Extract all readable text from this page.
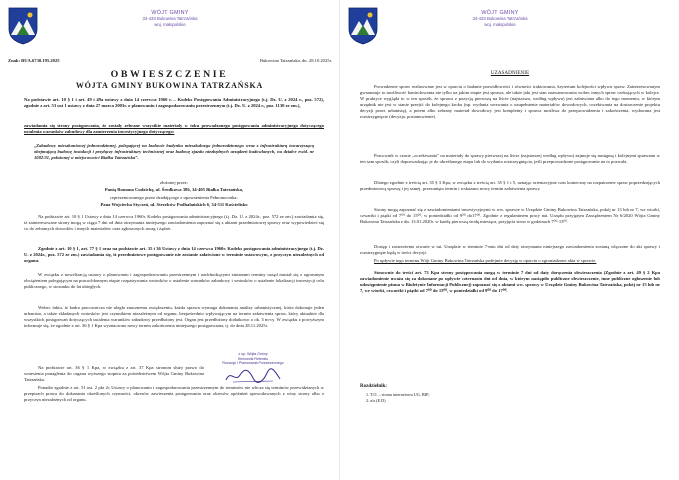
WÓJT GMINY
34-433 Bukowina Tatrzańska
woj. małopolskie
Znak: BUA.6730.195.2025	Bukowina Tatrzańska, dn. 28.10.2025r.
OBWIESZCZENIE
WÓJTA GMINY BUKOWINA TATRZAŃSKA
Na podstawie art. 10 § 1 i art. 49 i 49a ustawy z dnia 14 czerwca 1960 r. – Kodeks Postępowania Administracyjnego (t.j. Dz. U. z 2024 r., poz. 572), zgodnie z art. 53 ust 1 ustawy z dnia 27 marca 2003r. o planowaniu i zagospodarowaniu przestrzennym (t.j. Dz. U. z 2024 r., poz. 1130 ze zm.),
zawiadamia się strony postępowania, że zostały zebrane wszystkie materiały w toku prowadzonego postępowania administracyjnego dotyczącego ustalenia warunków zabudowy dla zamierzenia inwestycyjnego dotyczącego:
„Zabudowy mieszkaniowej jednorodzinnej, polegającej na budowie budynku mieszkalnego jednorodzinnego wraz z infrastrukturą towarzyszącą obejmującą budowę instalacji i przyłączy infrastruktury technicznej oraz budowę zjazdu niezbędnych urządzeń budowlanych, na działce ewid. nr 1082/31, położonej w miejscowości Białka Tatrzańska”.
złożonej przez:
Panią Romana Cudzichę, ul. Środkowa 386, 34-405 Białka Tatrzańska,
reprezentowanego przez działającego z upoważnienia Pełnomocnika:
Pana Wojciecha Styczeń, ul. Strzelców Podhalańskich 6, 34-511 Kościelisko
Na podstawie art. 10 § 1 Ustawy z dnia 14 czerwca 1960r. Kodeks postępowania administracyjnego (t.j. Dz. U. z 2024r., poz. 572 ze zm.) zawiadamia się, iż zainteresowane strony mogą w ciągu 7 dni od dnia otrzymania niniejszego zawiadomienia zapoznać się z aktami przedmiotowej sprawy oraz wypowiedzieć się co do zebranych dowodów i innych materiałów oraz zgłoszonych uwag i żądań.
Zgodnie z art. 10 § 1, art. 77 § 1 oraz na podstawie art. 35 i 36 Ustawy z dnia 14 czerwca 1960r. Kodeks postępowania administracyjnego (t.j. Dz. U. z 2024r., poz. 572 ze zm.) zawiadamia się, iż przedmiotowe postępowanie nie zostanie załatwione w terminie ustawowym, z przyczyn niezależnych od organu.
W związku z nowelizacją ustawy o planowaniu i zagospodarowaniu przestrzennym i nadchodzącymi zmianami terminy urząd musiał się z ogromnym obciążeniem polegającym na pracochłonnym etapie rozpatrywania wniosków o ustalenie warunków zabudowy i wniosków o ustalenie lokalizacji inwestycji celu publicznego, w stosunku do lat ubiegłych.
Wobec faktu, iż kadra pracownicza nie uległa znacznemu zwiększeniu, każda sprawa wymaga dokonania analizy urbanistycznej, która dokonuje jeden urbanista, a także składanych wniosków jest czynnikiem niezależnym od organu, bezpośrednio wpływającym na termin załatwienia spraw, który aktualnie dla wszystkich postępowań dotyczących ustalenia warunków zabudowy przedłużony jest. Organ jest przedłożony dodatkowo o ok. 3 m-cy. W związku z powyższym informuje się, że zgodnie z art. 36 § 1 Kpa wyznaczono nowy termin zakończenia niniejszego postępowania, tj. do dnia 28.11.2025r.
Na podstawie art. 36 § 1 Kpa, w związku z art. 37 Kpa stronom służy prawo do wniesienia ponaglenia do organu wyższego stopnia za pośrednictwem Wójta Gminy Bukowina Tatrzańska.
Ponadto zgodnie z art. 51 ust. 2 pkt 2c Ustawy o planowaniu i zagospodarowaniu przestrzennym do terminów nie wlicza się terminów przewidzianych w przepisach prawa do dokonania określonych czynności, okresów zawieszenia postępowania oraz okresów opóźnień spowodowanych z winy strony albo z przyczyn niezależnych od organu.
z up. Wójta Gminy
Kierownik Referatu
Rozwoju i Planowania Przestrzennego
WÓJT GMINY
34-433 Bukowina Tatrzańska
woj. małopolskie
UZASADNIENIE
Prowadzenie spraw realizowane jest w oparciu o badanie prawidłowości i równości traktowania, kryterium kolejności wpływu spraw. Zainteresowanym gwarantuje to możliwość kontrolowania nie tylko na jakim etapie jest sprawa, ale także jaki jest stan zaawansowania wobec innych spraw czekających w kolejce. W praktyce wygląda to w ten sposób, że sprawa z pozycją pierwszą na liście (najstarsza, według wpływu) jest załatwiana albo do tego momentu, w którym urzędnik nie jest w stanie przejść do kolejnego kroku (np. wydania wezwania o uzupełnienie materiałów dowodowych, oczekiwania na dostarczenie projektu decyzji przez urbanistę), a potem albo zebrany materiał dowodowy jest kompletny i sprawa możliwa do przeprowadzenia i zakończenia, wydawana jest rozstrzygnięcie (decyzja, postanowienie).
Pracownik w czasie „oczekiwania” na materiały do sprawy pierwszej na liście (najstarszej według wpływu) zajmuje się następną i kolejnymi sprawami w ten sam sposób, czyli doprowadzając je do określonego etapu lub do wydania rozstrzygnięcia, jeśli przeprowadzone postępowanie na to pozwala.
Dlatego zgodnie z treścią art. 35 § 3 Kpa, w związku z treścią art. 35 § 1 i 5, uznając orientacyjnie czas konieczny na rozpatrzenie spraw poprzedzających przedmiotową sprawę i jej samej, przesunięto termin i wskazano nowy termin załatwienia sprawy.
Strony mogą zapoznać się z zawiadomieniami inwestycyjnymi w ww. sprawie w Urzędzie Gminy Bukowina Tatrzańska, pokój nr 13 lub nr 7, we wtorki, czwartki i piątki od 7⁰⁰ do 15⁰⁰, w poniedziałki od 9⁰⁰ do17⁰⁰. Zgodnie z regulaminem pracy nat. Urzędu przyjętym Zarządzeniem Nr 6/2020 Wójta Gminy Bukowina Tatrzańska z dn. 13.01.2020r. w każdą pierwszą środę miesiąca, przyjęcia stron w godzinach 7⁰⁰-13⁰⁰.
Dostęp i zastrzeżenia otwarte w tut. Urzędzie w terminie 7-miu dni od daty otrzymania niniejszego zawiadomienia zostaną włączone do akt sprawy i rozstrzygnięte będą w treści decyzji.
Po upływie tego terminu Wójt Gminy Bukowina Tatrzańska podejmie decyzję w oparciu o zgromadzone akta w sprawie.
Stosownie do treści art. 73 Kpa strony postępowania mogą w terminie 7 dni od daty doręczenia obwieszczenia (Zgodnie z art. 49 § 2 Kpa zawiadomienie uważa się za dokonane po upływie czternastu dni od dnia, w którym nastąpiło publiczne obwieszczenie, inne publiczne ogłoszenie lub udostępnienie pisma w Biuletynie Informacji Publicznej) zapoznać się z aktami ww. sprawy w Urzędzie Gminy Bukowina Tatrzańska, pokój nr 15 lub nr 7, we wtorki, czwartki i piątki od 7⁰⁰ do 15⁰⁰, w poniedziałki od 9⁰⁰ do 17⁰⁰.
Rozdzielnik:
1. T.O. – strona internetowa UG, BIP;
2. a/a (E.D)
